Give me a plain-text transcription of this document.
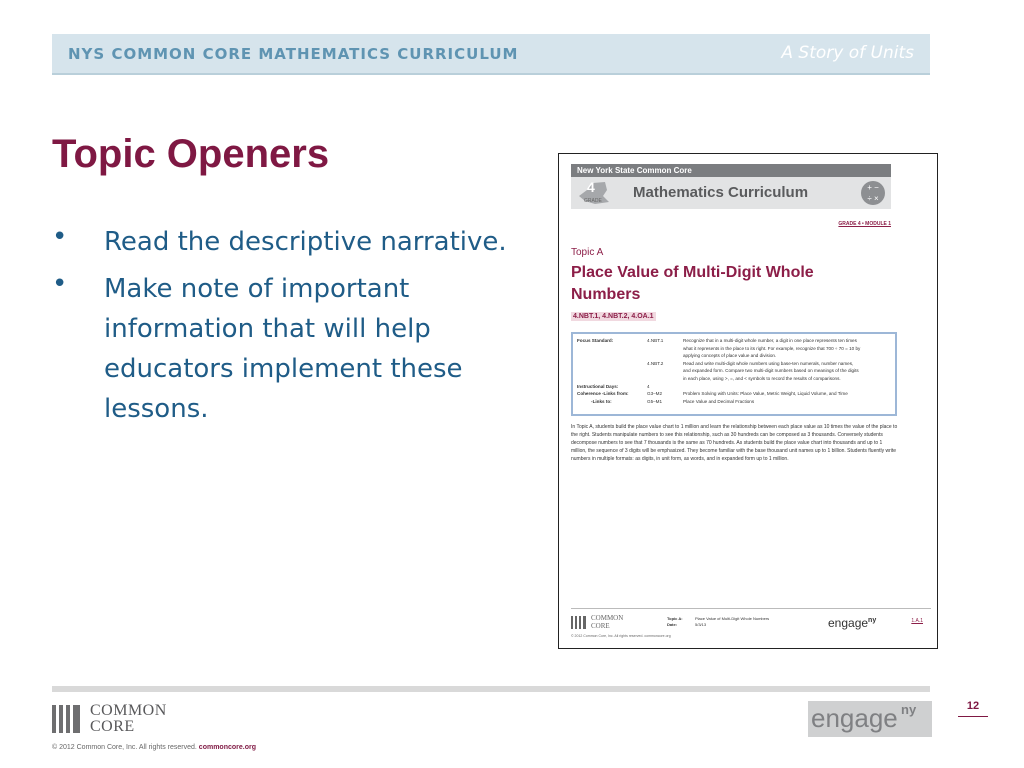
NYS COMMON CORE MATHEMATICS CURRICULUM	A Story of Units
Topic Openers
• Read the descriptive narrative.
• Make note of important information that will help educators implement these lessons.
New York State Common Core
4
GRADE Mathematics Curriculum	+ −
÷ ×
GRADE 4 • MODULE 1
Topic A
Place Value of Multi-Digit Whole Numbers
4.NBT.1, 4.NBT.2, 4.OA.1
Focus Standard:	4.NBT.1	Recognize that in a multi-digit whole number, a digit in one place represents ten times
what it represents in the place to its right. For example, recognize that 700 ÷ 70 = 10 by
applying concepts of place value and division.
4.NBT.2	Read and write multi-digit whole numbers using base-ten numerals, number names,
and expanded form. Compare two multi-digit numbers based on meanings of the digits
in each place, using >, =, and < symbols to record the results of comparisons.
Instructional Days:	4
Coherence -Links from:	G3–M2	Problem Solving with Units: Place Value, Metric Weight, Liquid Volume, and Time
-Links to:	G5–M1	Place Value and Decimal Fractions

In Topic A, students build the place value chart to 1 million and learn the relationship between each place value as 10 times the value of the place to the right. Students manipulate numbers to see this relationship, such as 30 hundreds can be composed as 3 thousands. Conversely students decompose numbers to see that 7 thousands is the same as 70 hundreds. As students build the place value chart into thousands and up to 1 million, the sequence of 3 digits will be emphasized. They become familiar with the base thousand unit names up to 1 billion. Students fluently write numbers in multiple formats: as digits, in unit form, as words, and in expanded form up to 1 million.

COMMON
CORE
Topic A:	Place Value of Multi-Digit Whole Numbers
Date:	5/3/13	engage$^{ny}$	1.A.1
© 2012 Common Core, Inc. All rights reserved. commoncore.org
12
COMMON
CORE	engage ny
© 2012 Common Core, Inc. All rights reserved. commoncore.org
